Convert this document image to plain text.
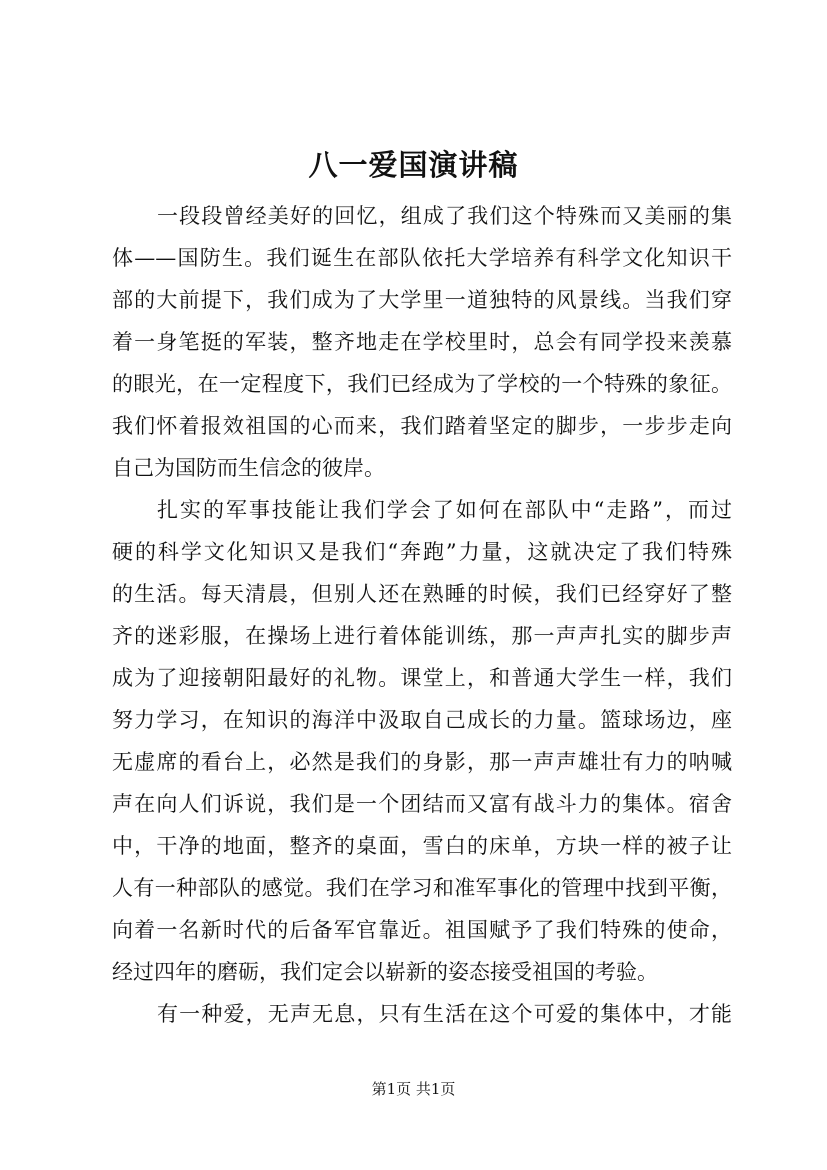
八一爱国演讲稿
一段段曾经美好的回忆，组成了我们这个特殊而又美丽的集
体——国防生。我们诞生在部队依托大学培养有科学文化知识干
部的大前提下，我们成为了大学里一道独特的风景线。当我们穿
着一身笔挺的军装，整齐地走在学校里时，总会有同学投来羡慕
的眼光，在一定程度下，我们已经成为了学校的一个特殊的象征。
我们怀着报效祖国的心而来，我们踏着坚定的脚步，一步步走向
自己为国防而生信念的彼岸。
扎实的军事技能让我们学会了如何在部队中“走路”，而过
硬的科学文化知识又是我们“奔跑”力量，这就决定了我们特殊
的生活。每天清晨，但别人还在熟睡的时候，我们已经穿好了整
齐的迷彩服，在操场上进行着体能训练，那一声声扎实的脚步声
成为了迎接朝阳最好的礼物。课堂上，和普通大学生一样，我们
努力学习，在知识的海洋中汲取自己成长的力量。篮球场边，座
无虚席的看台上，必然是我们的身影，那一声声雄壮有力的呐喊
声在向人们诉说，我们是一个团结而又富有战斗力的集体。宿舍
中，干净的地面，整齐的桌面，雪白的床单，方块一样的被子让
人有一种部队的感觉。我们在学习和准军事化的管理中找到平衡，
向着一名新时代的后备军官靠近。祖国赋予了我们特殊的使命，
经过四年的磨砺，我们定会以崭新的姿态接受祖国的考验。
有一种爱，无声无息，只有生活在这个可爱的集体中，才能
第1页 共1页
